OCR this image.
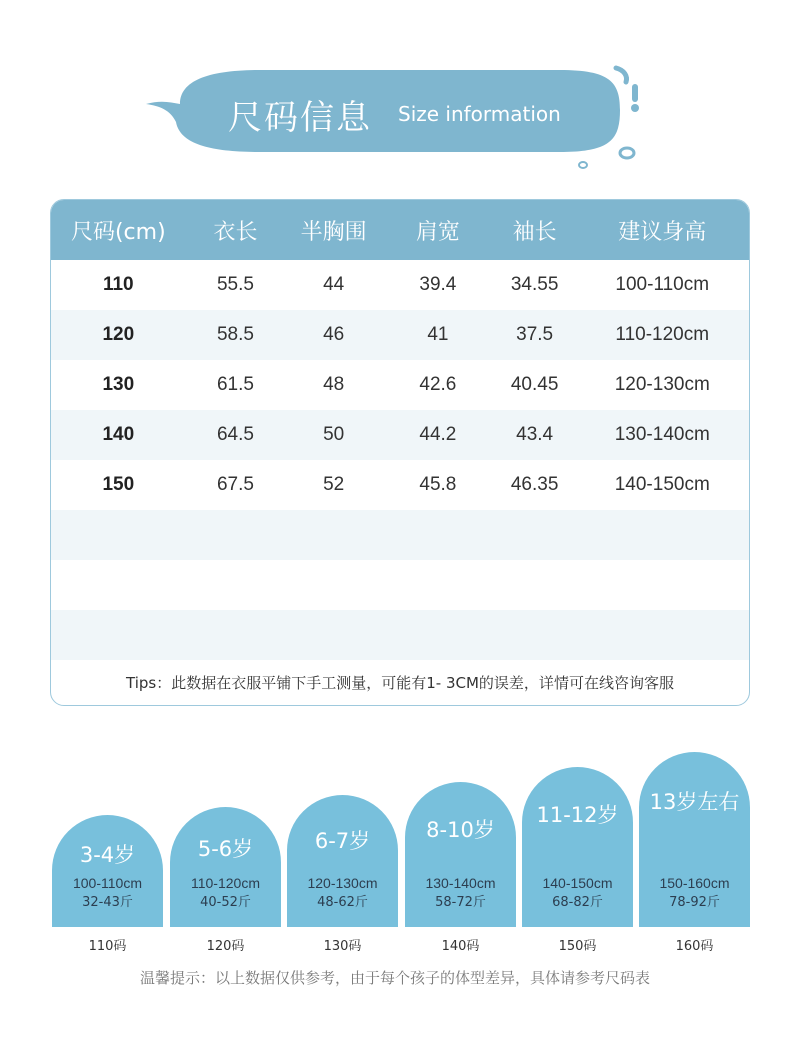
尺码信息 Size information
尺码(cm)	衣长	半胸围	肩宽	袖长	建议身高
110	55.5	44	39.4	34.55	100-110cm
120	58.5	46	41	37.5	110-120cm
130	61.5	48	42.6	40.45	120-130cm
140	64.5	50	44.2	43.4	130-140cm
150	67.5	52	45.8	46.35	140-150cm
Tips：此数据在衣服平铺下手工测量，可能有1- 3CM的误差，详情可在线咨询客服
3-4岁
100-110cm
32-43斤
5-6岁
110-120cm
40-52斤
6-7岁
120-130cm
48-62斤
8-10岁
130-140cm
58-72斤
11-12岁
140-150cm
68-82斤
13岁左右
150-160cm
78-92斤
110码	120码	130码	140码	150码	160码
温馨提示：以上数据仅供参考，由于每个孩子的体型差异，具体请参考尺码表
